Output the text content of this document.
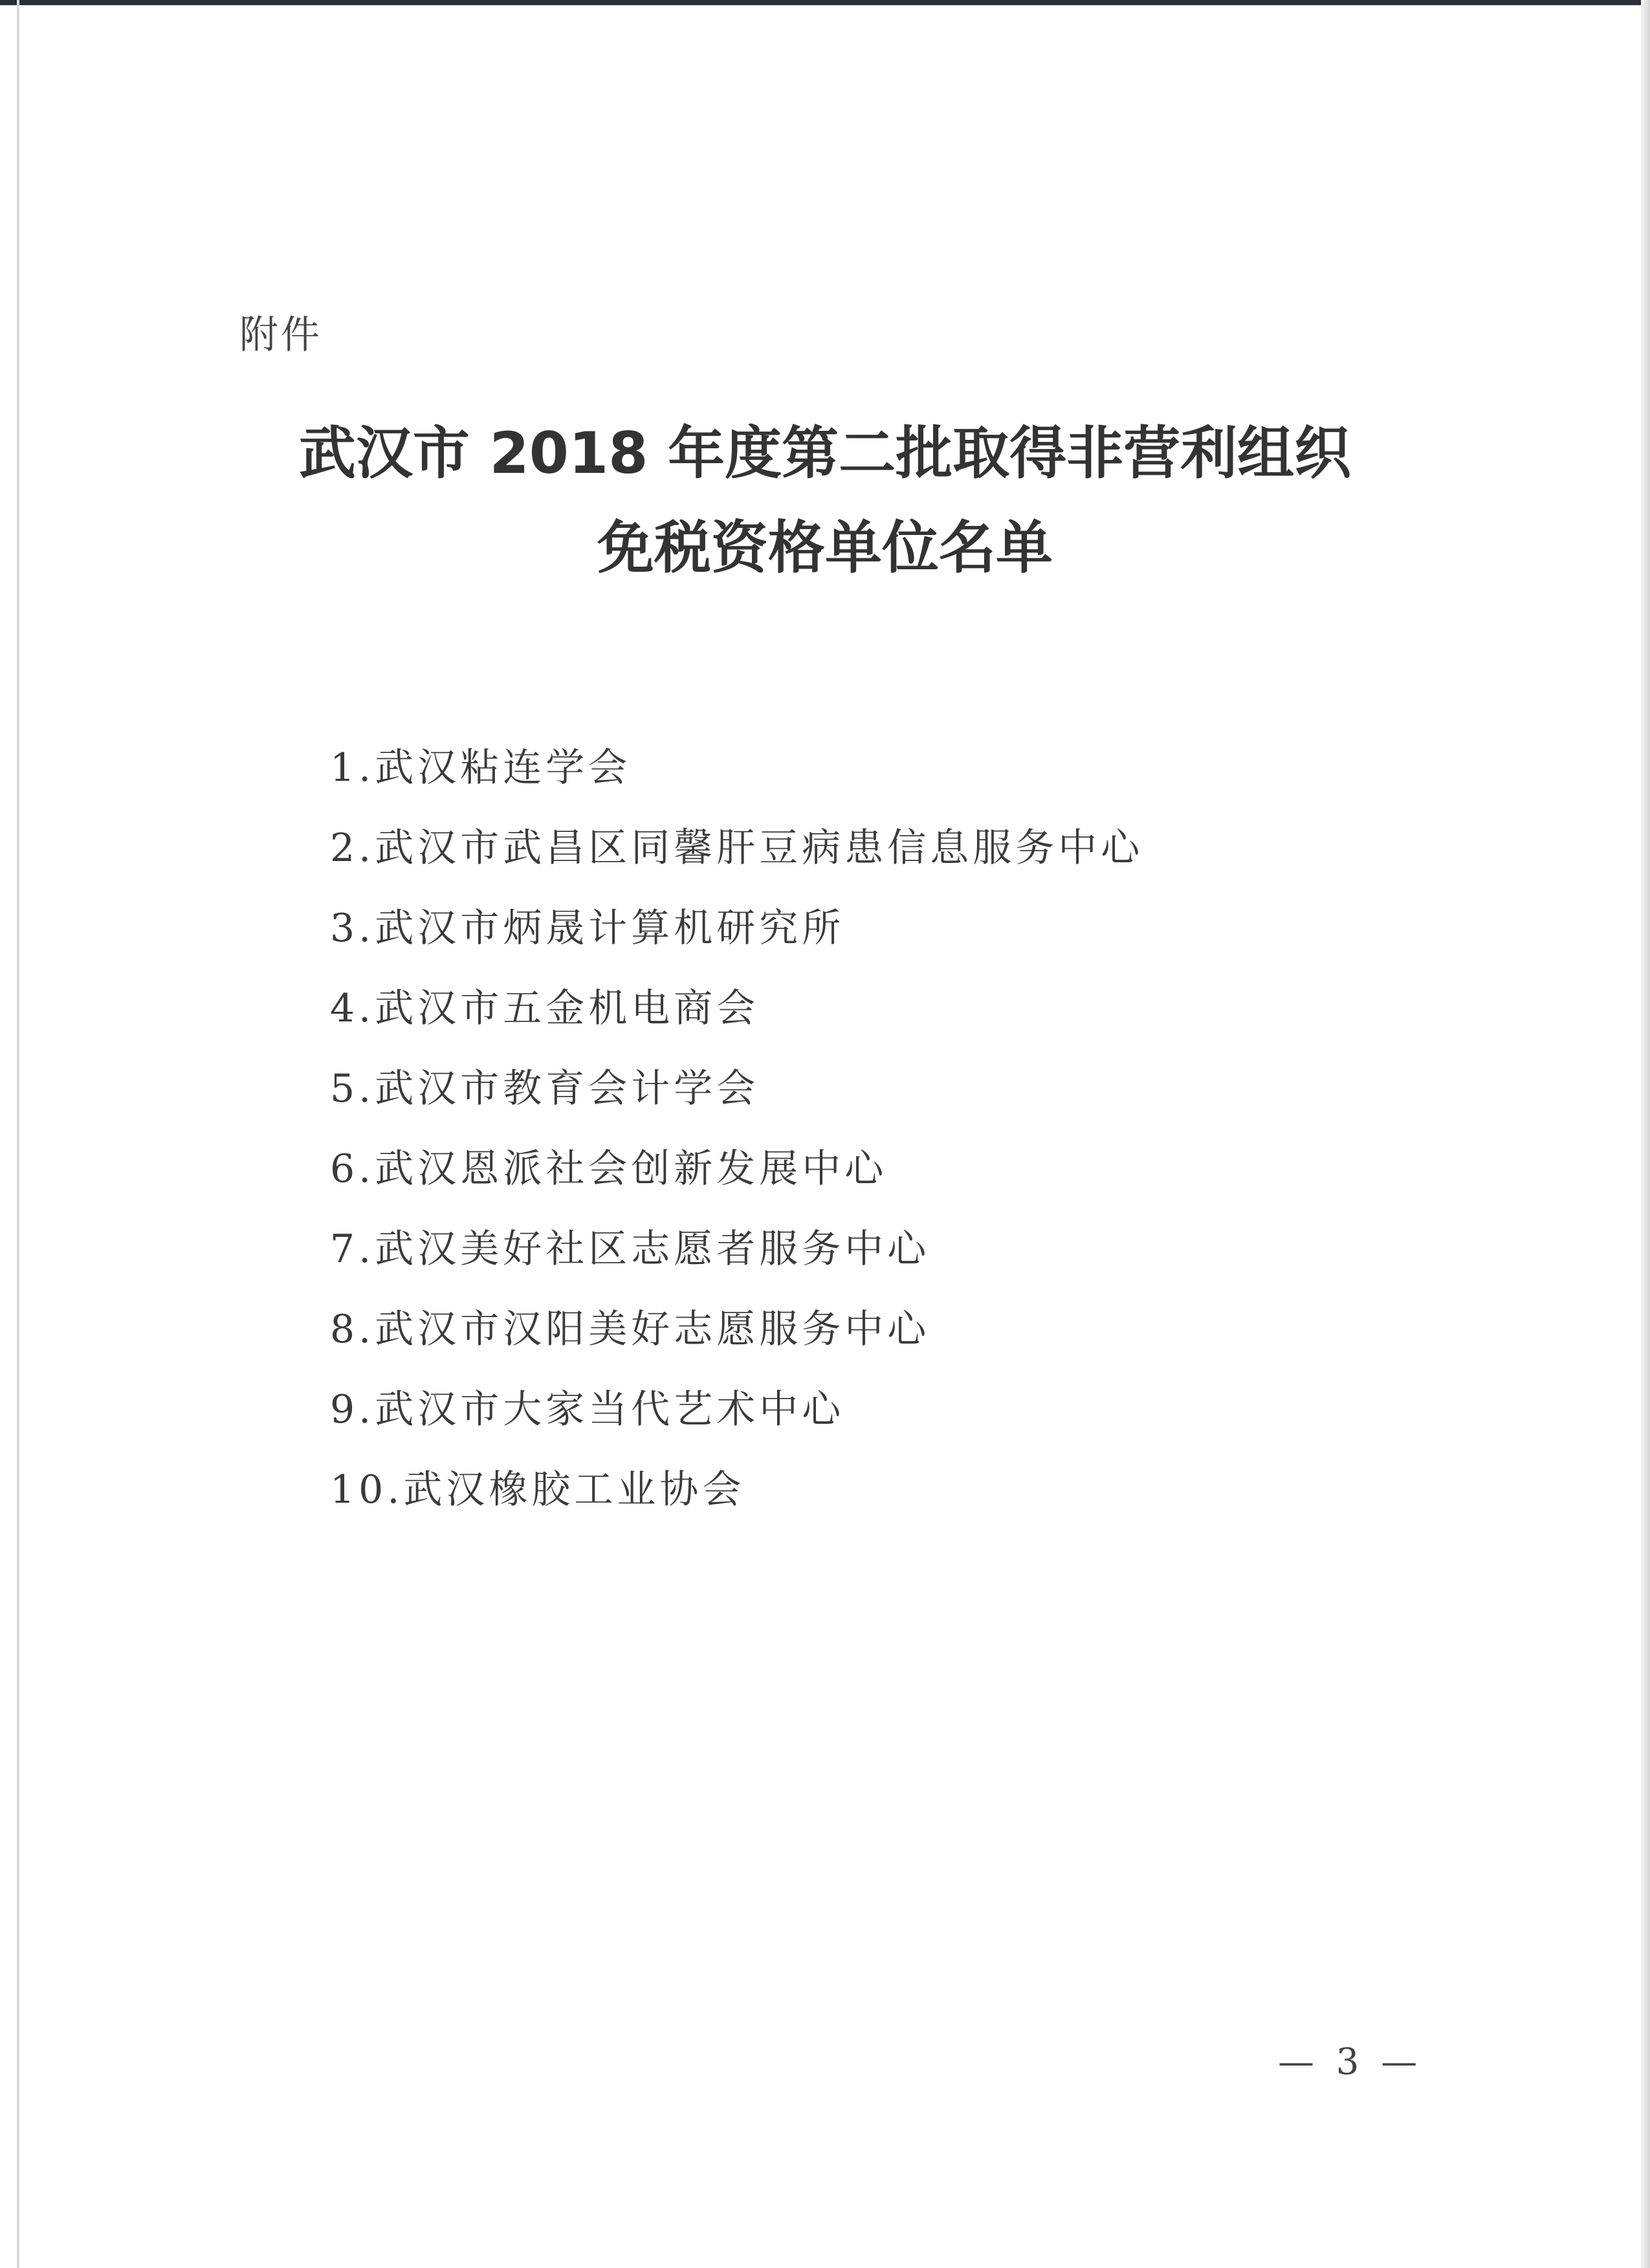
附件
武汉市 2018 年度第二批取得非营利组织
免税资格单位名单
1.武汉粘连学会
2.武汉市武昌区同馨肝豆病患信息服务中心
3.武汉市炳晟计算机研究所
4.武汉市五金机电商会
5.武汉市教育会计学会
6.武汉恩派社会创新发展中心
7.武汉美好社区志愿者服务中心
8.武汉市汉阳美好志愿服务中心
9.武汉市大家当代艺术中心
10.武汉橡胶工业协会
— 3 —
